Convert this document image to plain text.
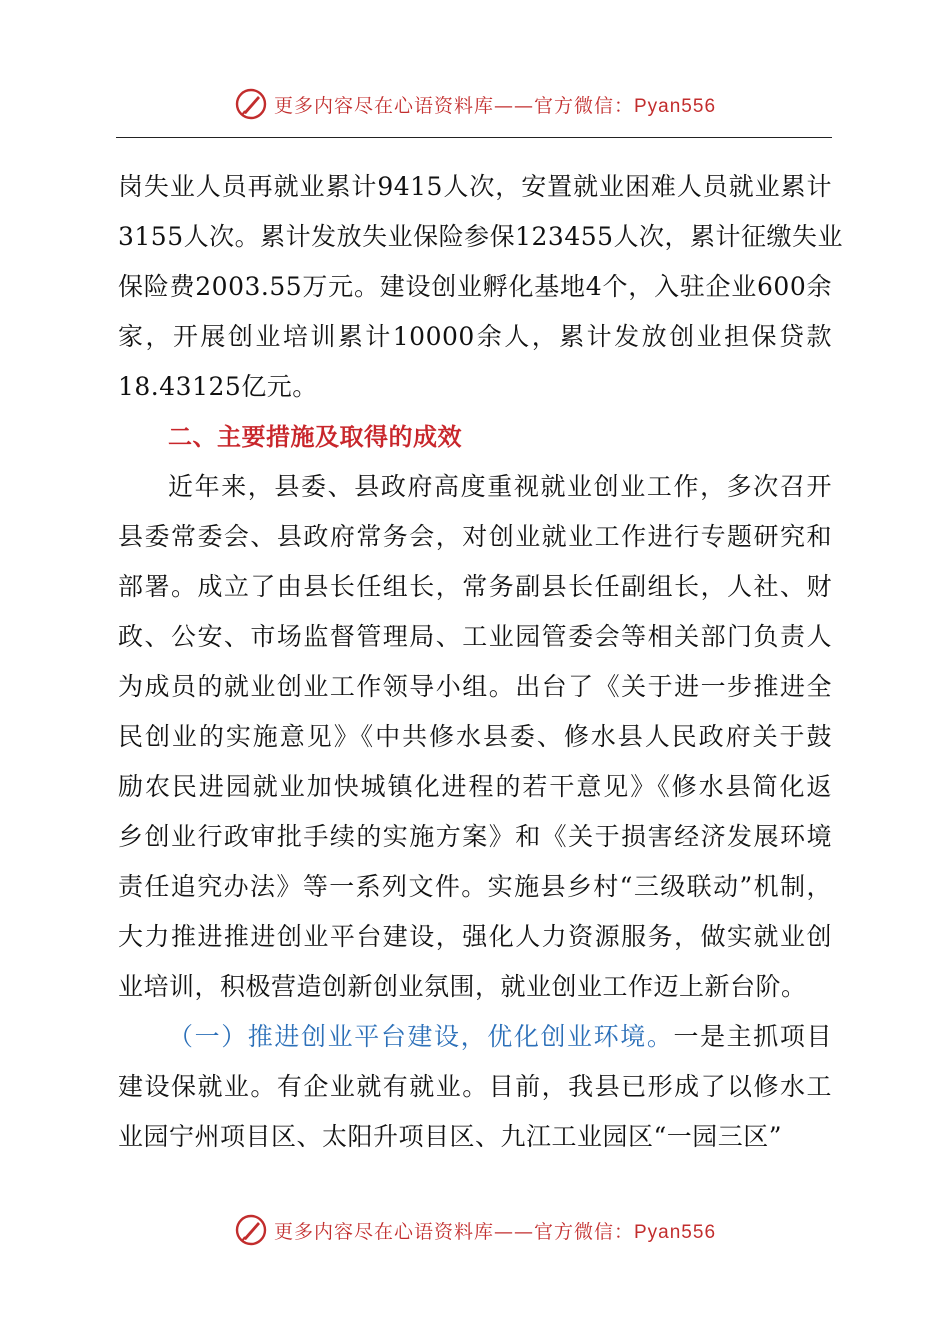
更多内容尽在心语资料库——官方微信：Pyan556
岗失业人员再就业累计9415人次，安置就业困难人员就业累计
3155人次。累计发放失业保险参保123455人次，累计征缴失业
保险费2003.55万元。建设创业孵化基地4个，入驻企业600余
家，开展创业培训累计10000余人，累计发放创业担保贷款
18.43125亿元。
二、主要措施及取得的成效
近年来，县委、县政府高度重视就业创业工作，多次召开
县委常委会、县政府常务会，对创业就业工作进行专题研究和
部署。成立了由县长任组长，常务副县长任副组长，人社、财
政、公安、市场监督管理局、工业园管委会等相关部门负责人
为成员的就业创业工作领导小组。出台了《关于进一步推进全
民创业的实施意见》《中共修水县委、修水县人民政府关于鼓
励农民进园就业加快城镇化进程的若干意见》《修水县简化返
乡创业行政审批手续的实施方案》和《关于损害经济发展环境
责任追究办法》等一系列文件。实施县乡村“三级联动”机制，
大力推进推进创业平台建设，强化人力资源服务，做实就业创
业培训，积极营造创新创业氛围，就业创业工作迈上新台阶。
（一）推进创业平台建设，优化创业环境。一是主抓项目
建设保就业。有企业就有就业。目前，我县已形成了以修水工
业园宁州项目区、太阳升项目区、九江工业园区“一园三区”
更多内容尽在心语资料库——官方微信：Pyan556
